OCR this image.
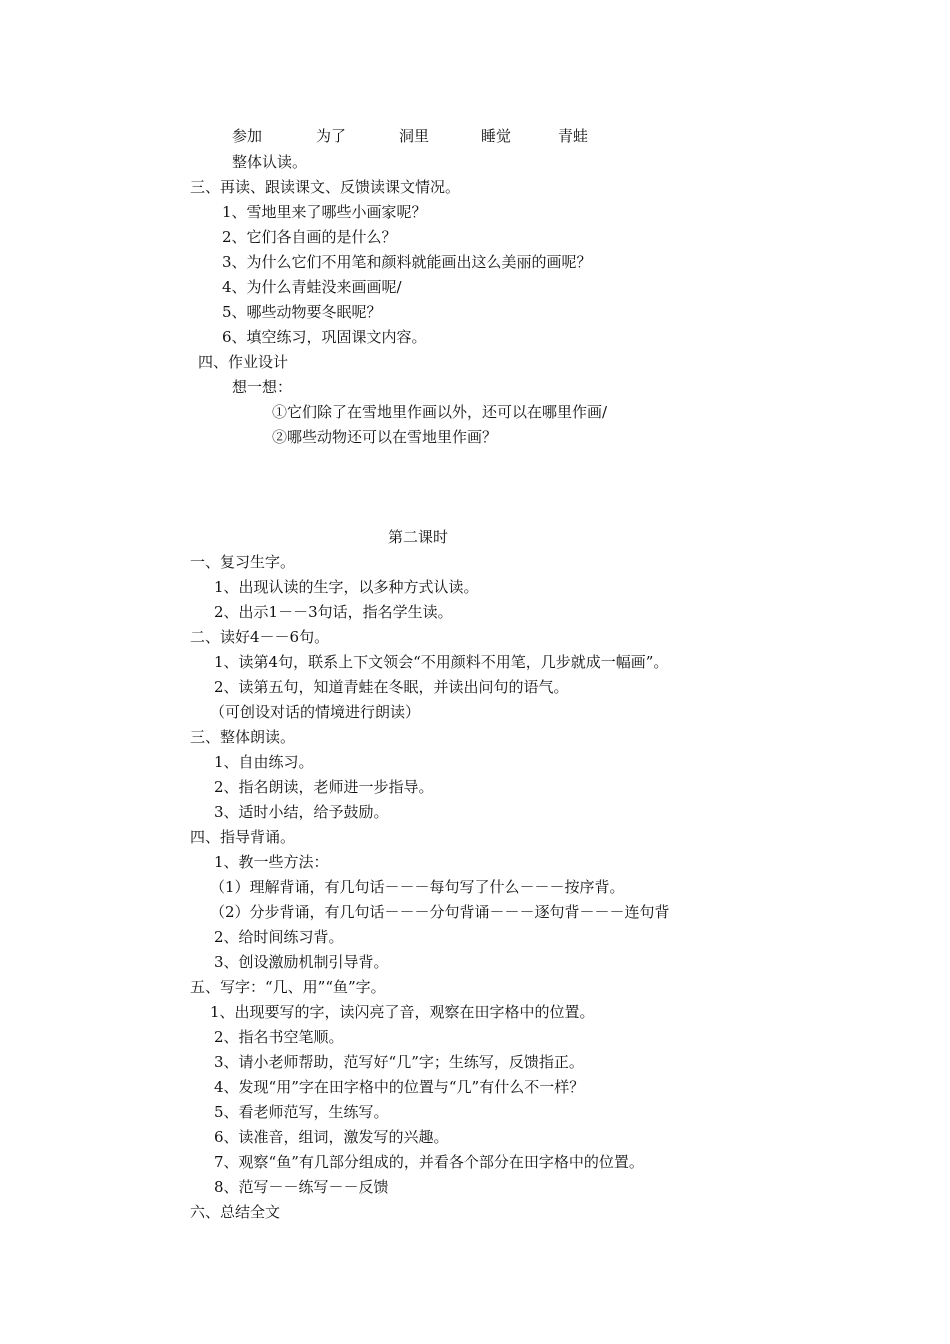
参加	为了	洞里	睡觉	青蛙
整体认读。
三、再读、跟读课文、反馈读课文情况。
1、雪地里来了哪些小画家呢？
2、它们各自画的是什么？
3、为什么它们不用笔和颜料就能画出这么美丽的画呢？
4、为什么青蛙没来画画呢/
5、哪些动物要冬眠呢？
6、填空练习，巩固课文内容。
四、作业设计
想一想：
①它们除了在雪地里作画以外，还可以在哪里作画/
②哪些动物还可以在雪地里作画？
第二课时
一、复习生字。
1、出现认读的生字，以多种方式认读。
2、出示1－－3句话，指名学生读。
二、读好4－－6句。
1、读第4句，联系上下文领会“不用颜料不用笔，几步就成一幅画”。
2、读第五句，知道青蛙在冬眠，并读出问句的语气。
（可创设对话的情境进行朗读）
三、整体朗读。
1、自由练习。
2、指名朗读，老师进一步指导。
3、适时小结，给予鼓励。
四、指导背诵。
1、教一些方法：
（1）理解背诵，有几句话－－－每句写了什么－－－按序背。
（2）分步背诵，有几句话－－－分句背诵－－－逐句背－－－连句背
2、给时间练习背。
3、创设激励机制引导背。
五、写字：“几、用”“鱼”字。
1、出现要写的字，读闪亮了音，观察在田字格中的位置。
2、指名书空笔顺。
3、请小老师帮助，范写好“几”字；生练写，反馈指正。
4、发现“用”字在田字格中的位置与“几”有什么不一样？
5、看老师范写，生练写。
6、读准音，组词，激发写的兴趣。
7、观察“鱼”有几部分组成的，并看各个部分在田字格中的位置。
8、范写－－练写－－反馈
六、总结全文
